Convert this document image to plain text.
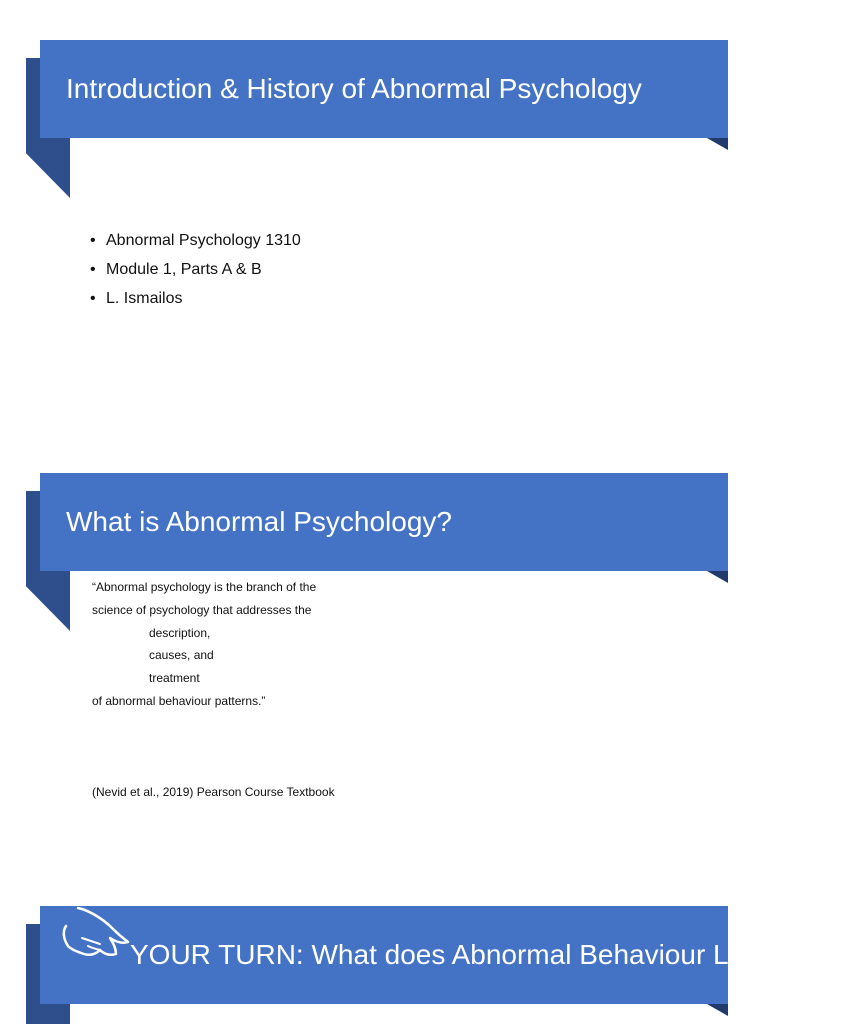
Introduction & History of Abnormal Psychology
• Abnormal Psychology 1310
• Module 1, Parts A & B
• L. Ismailos
What is Abnormal Psychology?
“Abnormal psychology is the branch of the
science of psychology that addresses the
description,
causes, and
treatment
of abnormal behaviour patterns.”
(Nevid et al., 2019) Pearson Course Textbook
YOUR TURN: What does Abnormal Behaviour Look Like?
